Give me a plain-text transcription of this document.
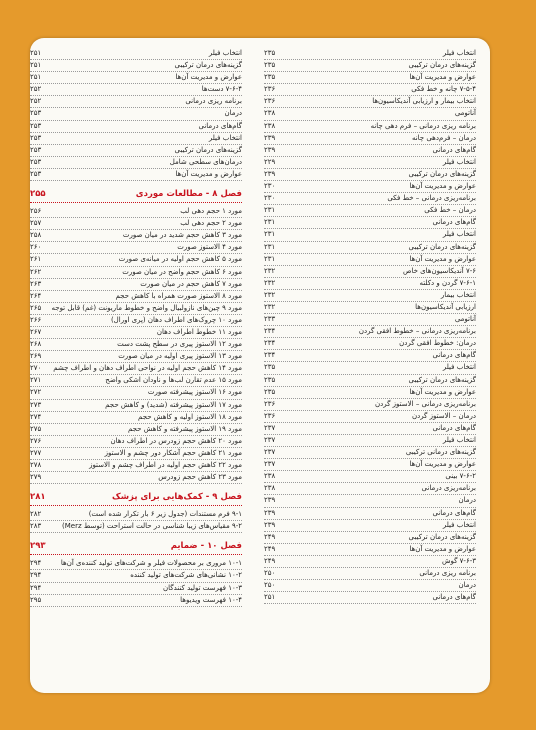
انتخاب فیلر
۲۳۵
گزینه‌های درمان ترکیبی
۲۳۵
عوارض و مدیریت آن‌ها
۲۳۵
۷-۵-۴ چانه و خط فکی
۲۳۶
انتخاب بیمار و ارزیابی آندیکاسیون‌ها
۲۳۶
آناتومی
۲۳۸
برنامه ریزی درمانی – فرم دهی چانه
۲۳۸
درمان – فرم‌دهی چانه
۲۳۹
گام‌های درمانی
۲۳۹
انتخاب فیلر
۲۲۹
گزینه‌های درمان ترکیبی
۲۳۹
عوارض و مدیریت آن‌ها
۲۳۰
برنامه‌ریزی درمانی – خط فکی
۲۳۰
درمان – خط فکی
۲۳۱
گام‌های درمانی
۲۳۱
انتخاب فیلر
۲۳۱
گزینه‌های درمان ترکیبی
۲۳۱
عوارض و مدیریت آن‌ها
۲۳۱
۷-۶ آندیکاسیون‌های خاص
۲۳۲
۷-۶-۱ گردن و دکلته
۲۳۲
انتخاب بیمار
۲۳۲
ارزیابی آندیکاسیون‌ها
۲۳۲
آناتومی
۲۳۳
برنامه‌ریزی درمانی – خطوط افقی گردن
۲۳۴
درمان: خطوط افقی گردن
۲۳۴
گام‌های درمانی
۲۳۴
انتخاب فیلر
۲۳۵
گزینه‌های درمان ترکیبی
۲۳۵
عوارض و مدیریت آن‌ها
۲۳۵
برنامه‌ریزی درمانی – الاستوز گردن
۲۳۶
درمان – الاستوز گردن
۲۳۶
گام‌های درمانی
۲۳۷
انتخاب فیلر
۲۳۷
گزینه‌های درمانی ترکیبی
۲۳۷
عوارض و مدیریت آن‌ها
۲۳۷
۷-۶-۲ بینی
۲۳۸
برنامه‌ریزی درمانی
۲۳۸
درمان
۲۳۹
گام‌های درمانی
۲۳۹
انتخاب فیلر
۲۳۹
گزینه‌های درمان ترکیبی
۲۴۹
عوارض و مدیریت آن‌ها
۲۴۹
۷-۶-۳ گوش
۲۴۹
برنامه ریزی درمانی
۲۵۰
درمان
۲۵۰
گام‌های درمانی
۲۵۱
انتخاب فیلر
۲۵۱
گزینه‌های درمان ترکیبی
۲۵۱
عوارض و مدیریت آن‌ها
۲۵۱
۷-۶-۴ دست‌ها
۲۵۲
برنامه ریزی درمانی
۲۵۲
درمان
۲۵۳
گام‌های درمانی
۲۵۳
انتخاب فیلر
۲۵۳
گزینه‌های درمان ترکیبی
۲۵۳
درمان‌های سطحی شامل
۲۵۳
عوارض و مدیریت آن‌ها
۲۵۳
فصل ۸ - مطالعات موردی
۲۵۵
مورد ۱ حجم دهی لب
۲۵۶
مورد ۲ حجم دهی لب
۲۵۷
مورد ۳ کاهش حجم شدید در میان صورت
۲۵۸
مورد ۴ الاستوز صورت
۲۶۰
مورد ۵ کاهش حجم اولیه در میانه‌ی صورت
۲۶۱
مورد ۶ کاهش حجم واضح در میان صورت
۲۶۲
مورد ۷ کاهش حجم در میان صورت
۲۶۳
مورد ۸ الاستوز صورت همراه با کاهش حجم
۲۶۴
مورد ۹ چین‌های نازولبیال واضح و خطوط ماریونت (غم) قابل توجه
۲۶۵
مورد ۱۰ چروک‌های اطراف دهان (پری اورال)
۲۶۶
مورد ۱۱ خطوط اطراف دهان
۲۶۷
مورد ۱۲ الاستوز پیری در سطح پشت دست
۲۶۸
مورد ۱۳ الاستوز پیری اولیه در میان صورت
۲۶۹
مورد ۱۴ کاهش حجم اولیه در نواحی اطراف دهان و اطراف چشم
۲۷۰
مورد ۱۵ عدم تقارن لب‌ها و ناودان اشکی واضح
۲۷۱
مورد ۱۶ الاستوز پیشرفته صورت
۲۷۲
مورد ۱۷ الاستوز پیشرفته (شدید) و کاهش حجم
۲۷۳
مورد ۱۸ الاستوز اولیه و کاهش حجم
۲۷۴
مورد ۱۹ الاستوز پیشرفته و کاهش حجم
۲۷۵
مورد ۲۰ کاهش حجم زودرس در اطراف دهان
۲۷۶
مورد ۲۱ کاهش حجم آشکار دور چشم و الاستوز
۲۷۷
مورد ۲۲ کاهش حجم اولیه در اطراف چشم و الاستوز
۲۷۸
مورد ۲۳ کاهش حجم زودرس
۲۷۹
فصل ۹ - کمک‌هایی برای پزشک
۲۸۱
۹-۱ فرم مستندات (جدول زیر ۶ بار تکرار شده است)
۲۸۲
۹-۲ مقیاس‌های زیبا شناسی در حالت استراحت (توسط Merz)
۲۸۳
فصل ۱۰ - ضمایم
۲۹۳
۱۰-۱ مروری بر محصولات فیلر و شرکت‌های تولید کننده‌ی آن‌ها
۲۹۴
۱۰-۲ نشانی‌های شرکت‌های تولید کننده
۲۹۴
۱۰-۳ فهرست تولید کنندگان
۲۹۴
۱۰-۴ فهرست ویدیوها
۲۹۵
